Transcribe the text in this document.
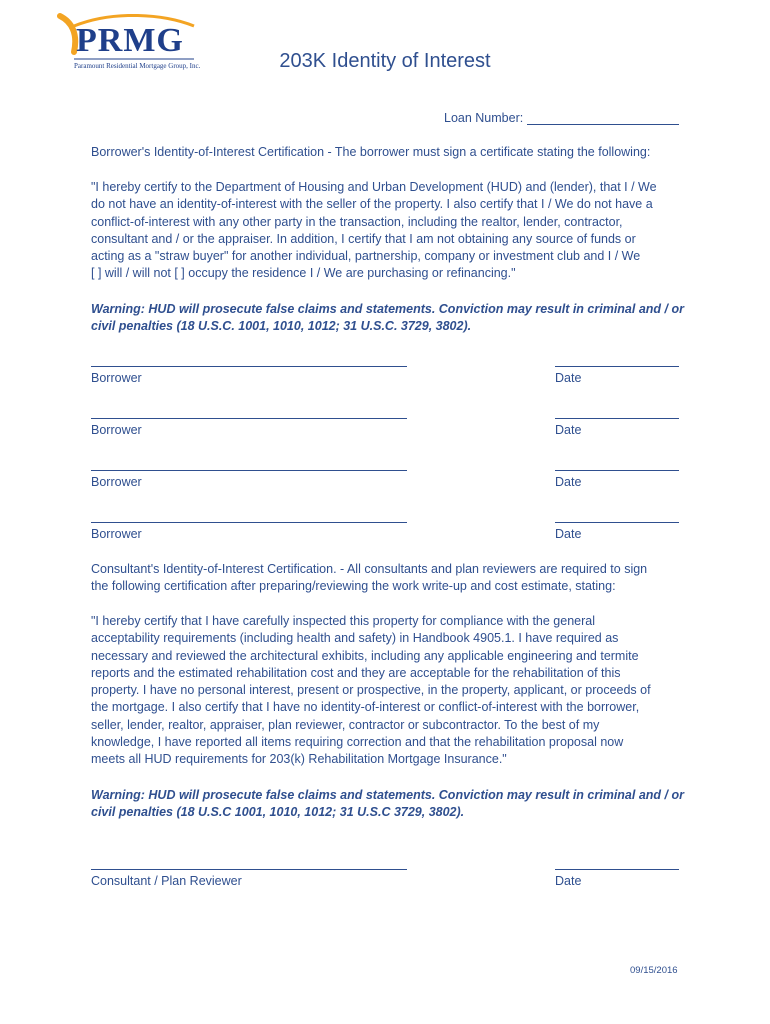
PRMG
Paramount Residential Mortgage Group, Inc.	203K Identity of Interest
Loan Number:

Borrower's Identity-of-Interest Certification - The borrower must sign a certificate stating the following:

"I hereby certify to the Department of Housing and Urban Development (HUD) and (lender), that I / We
do not have an identity-of-interest with the seller of the property. I also certify that I / We do not have a
conflict-of-interest with any other party in the transaction, including the realtor, lender, contractor,
consultant and / or the appraiser. In addition, I certify that I am not obtaining any source of funds or
acting as a "straw buyer" for another individual, partnership, company or investment club and I / We
[ ] will / will not [ ] occupy the residence I / We are purchasing or refinancing."
Warning: HUD will prosecute false claims and statements. Conviction may result in criminal and / or
civil penalties (18 U.S.C. 1001, 1010, 1012; 31 U.S.C. 3729, 3802).
Borrower	Date
Borrower	Date
Borrower	Date
Borrower	Date
Consultant's Identity-of-Interest Certification. - All consultants and plan reviewers are required to sign
the following certification after preparing/reviewing the work write-up and cost estimate, stating:
"I hereby certify that I have carefully inspected this property for compliance with the general
acceptability requirements (including health and safety) in Handbook 4905.1. I have required as
necessary and reviewed the architectural exhibits, including any applicable engineering and termite
reports and the estimated rehabilitation cost and they are acceptable for the rehabilitation of this
property. I have no personal interest, present or prospective, in the property, applicant, or proceeds of
the mortgage. I also certify that I have no identity-of-interest or conflict-of-interest with the borrower,
seller, lender, realtor, appraiser, plan reviewer, contractor or subcontractor. To the best of my
knowledge, I have reported all items requiring correction and that the rehabilitation proposal now
meets all HUD requirements for 203(k) Rehabilitation Mortgage Insurance."
Warning: HUD will prosecute false claims and statements. Conviction may result in criminal and / or
civil penalties (18 U.S.C 1001, 1010, 1012; 31 U.S.C 3729, 3802).
Consultant / Plan Reviewer	Date
09/15/2016
